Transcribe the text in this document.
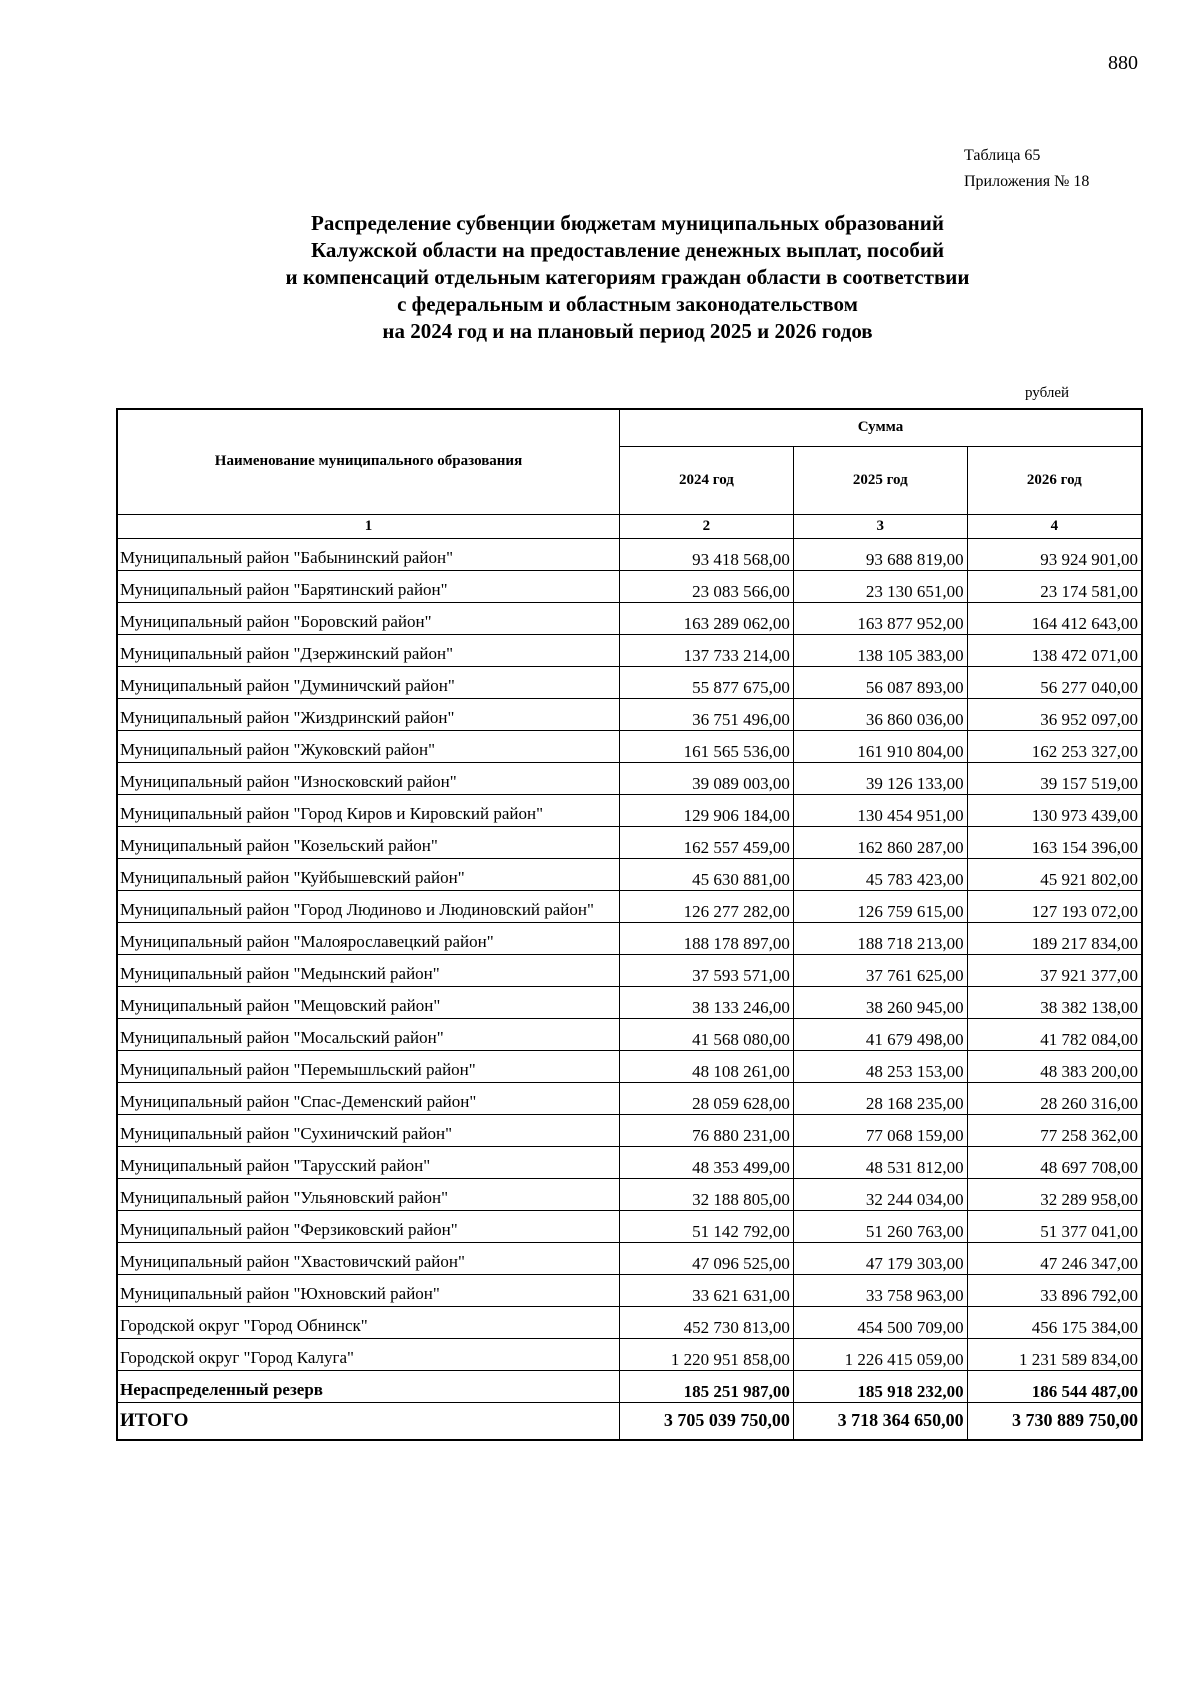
880
Таблица 65
Приложения № 18
Распределение субвенции бюджетам муниципальных образований
Калужской области на предоставление денежных выплат, пособий
и компенсаций отдельным категориям граждан области в соответствии
с федеральным и областным законодательством
на 2024 год и на плановый период 2025 и 2026 годов
рублей
Наименование муниципального образования	Сумма		
	2024 год	2025 год	2026 год
1	2	3	4
Муниципальный район "Бабынинский район"	93 418 568,00	93 688 819,00	93 924 901,00
Муниципальный район "Барятинский район"	23 083 566,00	23 130 651,00	23 174 581,00
Муниципальный район "Боровский район"	163 289 062,00	163 877 952,00	164 412 643,00
Муниципальный район "Дзержинский район"	137 733 214,00	138 105 383,00	138 472 071,00
Муниципальный район "Думиничский район"	55 877 675,00	56 087 893,00	56 277 040,00
Муниципальный район "Жиздринский район"	36 751 496,00	36 860 036,00	36 952 097,00
Муниципальный район "Жуковский район"	161 565 536,00	161 910 804,00	162 253 327,00
Муниципальный район "Износковский район"	39 089 003,00	39 126 133,00	39 157 519,00
Муниципальный район "Город Киров и Кировский район"	129 906 184,00	130 454 951,00	130 973 439,00
Муниципальный район "Козельский район"	162 557 459,00	162 860 287,00	163 154 396,00
Муниципальный район "Куйбышевский район"	45 630 881,00	45 783 423,00	45 921 802,00
Муниципальный район "Город Людиново и Людиновский район"	126 277 282,00	126 759 615,00	127 193 072,00
Муниципальный район "Малоярославецкий район"	188 178 897,00	188 718 213,00	189 217 834,00
Муниципальный район "Медынский район"	37 593 571,00	37 761 625,00	37 921 377,00
Муниципальный район "Мещовский район"	38 133 246,00	38 260 945,00	38 382 138,00
Муниципальный район "Мосальский район"	41 568 080,00	41 679 498,00	41 782 084,00
Муниципальный район "Перемышльский район"	48 108 261,00	48 253 153,00	48 383 200,00
Муниципальный район "Спас-Деменский район"	28 059 628,00	28 168 235,00	28 260 316,00
Муниципальный район "Сухиничский район"	76 880 231,00	77 068 159,00	77 258 362,00
Муниципальный район "Тарусский район"	48 353 499,00	48 531 812,00	48 697 708,00
Муниципальный район "Ульяновский район"	32 188 805,00	32 244 034,00	32 289 958,00
Муниципальный район "Ферзиковский район"	51 142 792,00	51 260 763,00	51 377 041,00
Муниципальный район "Хвастовичский район"	47 096 525,00	47 179 303,00	47 246 347,00
Муниципальный район "Юхновский район"	33 621 631,00	33 758 963,00	33 896 792,00
Городской округ "Город Обнинск"	452 730 813,00	454 500 709,00	456 175 384,00
Городской округ "Город Калуга"	1 220 951 858,00	1 226 415 059,00	1 231 589 834,00
Нераспределенный резерв	185 251 987,00	185 918 232,00	186 544 487,00
ИТОГО	3 705 039 750,00	3 718 364 650,00	3 730 889 750,00
